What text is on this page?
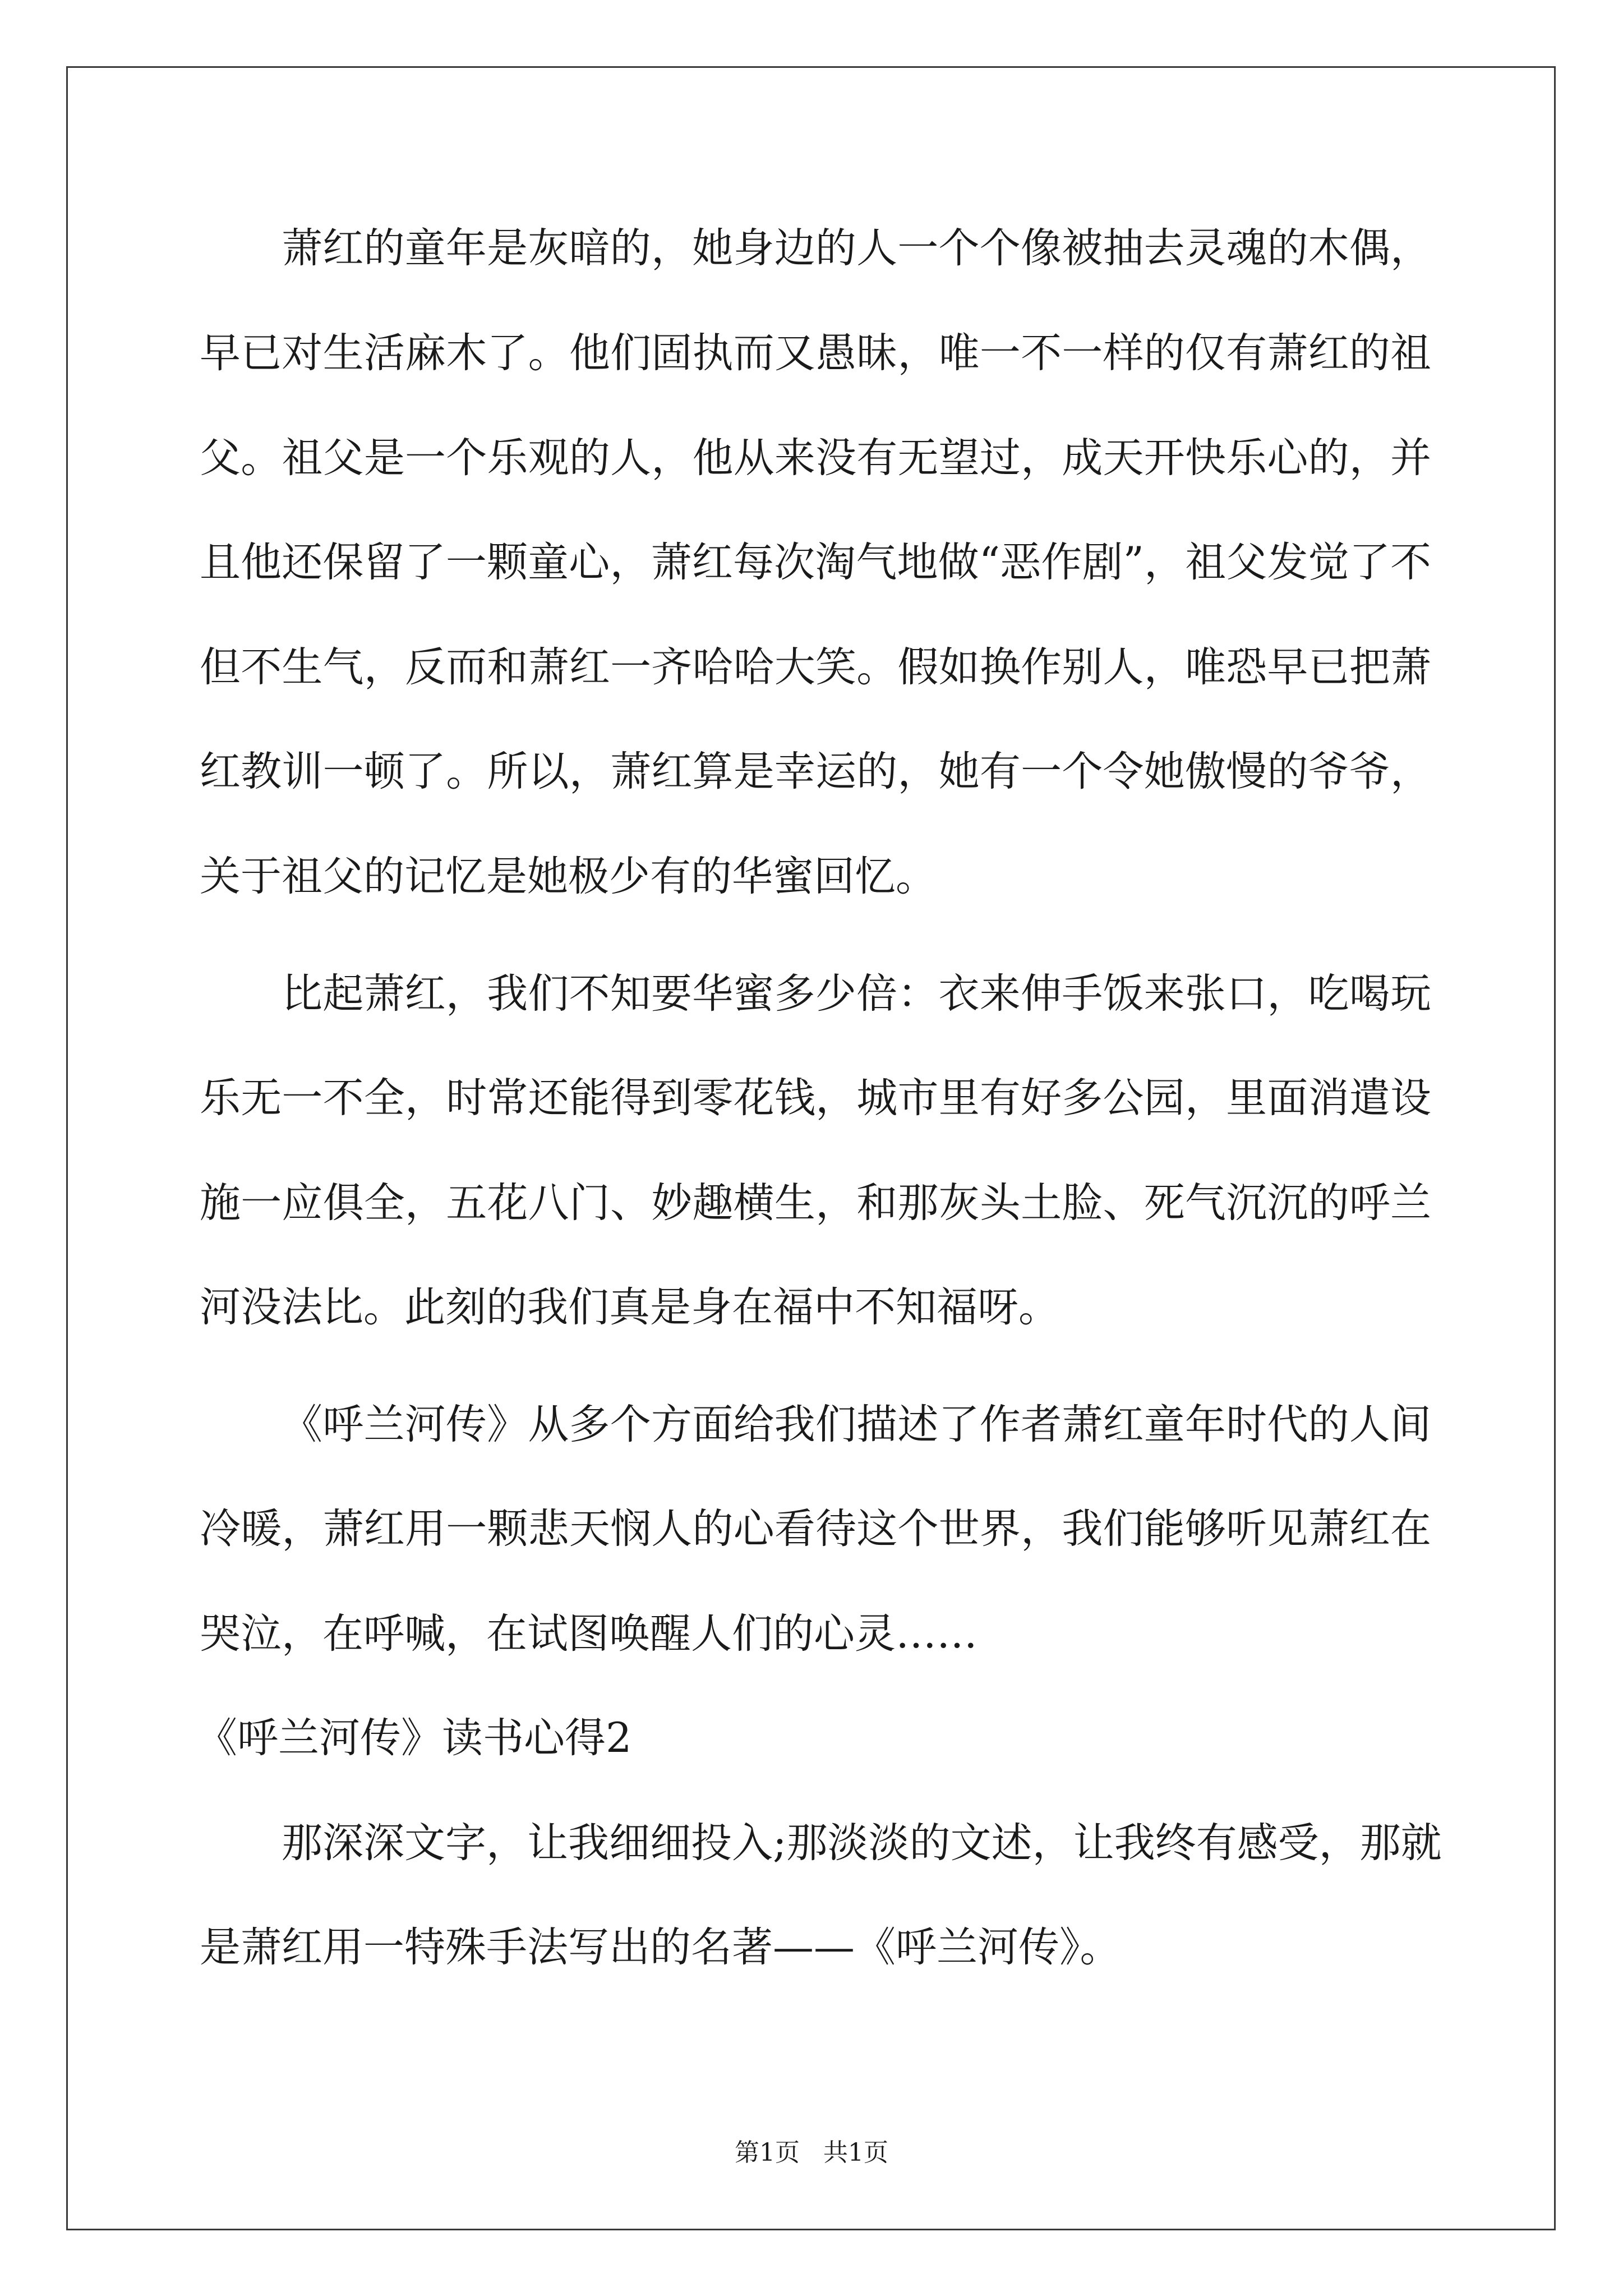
萧红的童年是灰暗的，她身边的人一个个像被抽去灵魂的木偶，
早已对生活麻木了。他们固执而又愚昧，唯一不一样的仅有萧红的祖
父。祖父是一个乐观的人，他从来没有无望过，成天开快乐心的，并
且他还保留了一颗童心，萧红每次淘气地做“恶作剧”，祖父发觉了不
但不生气，反而和萧红一齐哈哈大笑。假如换作别人，唯恐早已把萧
红教训一顿了。所以，萧红算是幸运的，她有一个令她傲慢的爷爷，
关于祖父的记忆是她极少有的华蜜回忆。
比起萧红，我们不知要华蜜多少倍：衣来伸手饭来张口，吃喝玩
乐无一不全，时常还能得到零花钱，城市里有好多公园，里面消遣设
施一应俱全，五花八门、妙趣横生，和那灰头土脸、死气沉沉的呼兰
河没法比。此刻的我们真是身在福中不知福呀。
《呼兰河传》从多个方面给我们描述了作者萧红童年时代的人间
冷暖，萧红用一颗悲天悯人的心看待这个世界，我们能够听见萧红在
哭泣，在呼喊，在试图唤醒人们的心灵……
《呼兰河传》读书心得2
那深深文字，让我细细投入;那淡淡的文述，让我终有感受，那就
是萧红用一特殊手法写出的名著——《呼兰河传》。
第1页 共1页
